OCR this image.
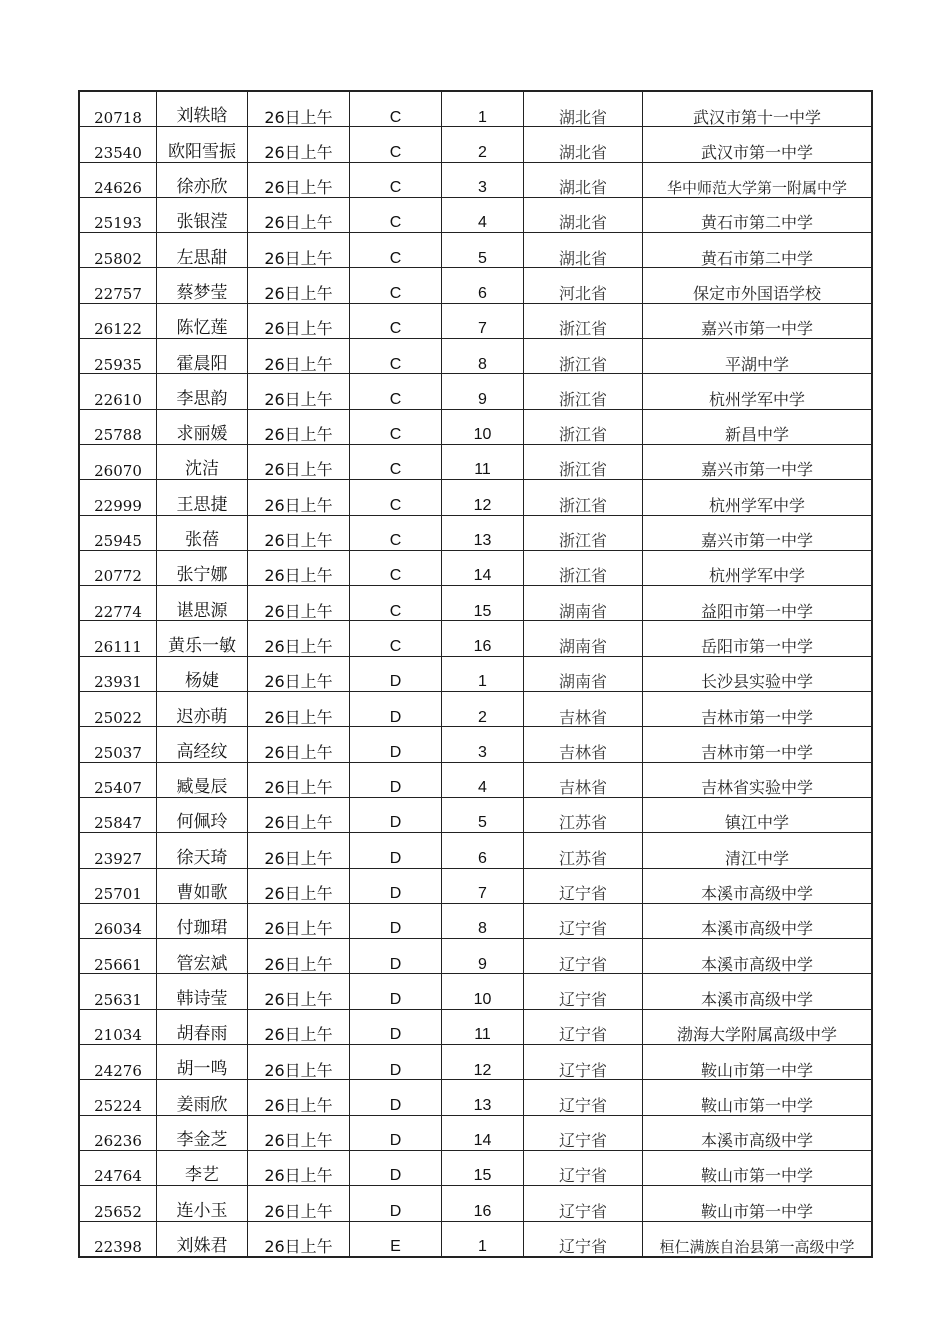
20718	刘轶晗	26日上午	C	1	湖北省	武汉市第十一中学
23540	欧阳雪振	26日上午	C	2	湖北省	武汉市第一中学
24626	徐亦欣	26日上午	C	3	湖北省	华中师范大学第一附属中学
25193	张银滢	26日上午	C	4	湖北省	黄石市第二中学
25802	左思甜	26日上午	C	5	湖北省	黄石市第二中学
22757	蔡梦莹	26日上午	C	6	河北省	保定市外国语学校
26122	陈忆莲	26日上午	C	7	浙江省	嘉兴市第一中学
25935	霍晨阳	26日上午	C	8	浙江省	平湖中学
22610	李思韵	26日上午	C	9	浙江省	杭州学军中学
25788	求丽媛	26日上午	C	10	浙江省	新昌中学
26070	沈洁	26日上午	C	11	浙江省	嘉兴市第一中学
22999	王思捷	26日上午	C	12	浙江省	杭州学军中学
25945	张蓓	26日上午	C	13	浙江省	嘉兴市第一中学
20772	张宁娜	26日上午	C	14	浙江省	杭州学军中学
22774	谌思源	26日上午	C	15	湖南省	益阳市第一中学
26111	黄乐一敏	26日上午	C	16	湖南省	岳阳市第一中学
23931	杨婕	26日上午	D	1	湖南省	长沙县实验中学
25022	迟亦萌	26日上午	D	2	吉林省	吉林市第一中学
25037	高经纹	26日上午	D	3	吉林省	吉林市第一中学
25407	臧曼辰	26日上午	D	4	吉林省	吉林省实验中学
25847	何佩玲	26日上午	D	5	江苏省	镇江中学
23927	徐天琦	26日上午	D	6	江苏省	清江中学
25701	曹如歌	26日上午	D	7	辽宁省	本溪市高级中学
26034	付珈珺	26日上午	D	8	辽宁省	本溪市高级中学
25661	管宏斌	26日上午	D	9	辽宁省	本溪市高级中学
25631	韩诗莹	26日上午	D	10	辽宁省	本溪市高级中学
21034	胡春雨	26日上午	D	11	辽宁省	渤海大学附属高级中学
24276	胡一鸣	26日上午	D	12	辽宁省	鞍山市第一中学
25224	姜雨欣	26日上午	D	13	辽宁省	鞍山市第一中学
26236	李金芝	26日上午	D	14	辽宁省	本溪市高级中学
24764	李艺	26日上午	D	15	辽宁省	鞍山市第一中学
25652	连小玉	26日上午	D	16	辽宁省	鞍山市第一中学
22398	刘姝君	26日上午	E	1	辽宁省	桓仁满族自治县第一高级中学
